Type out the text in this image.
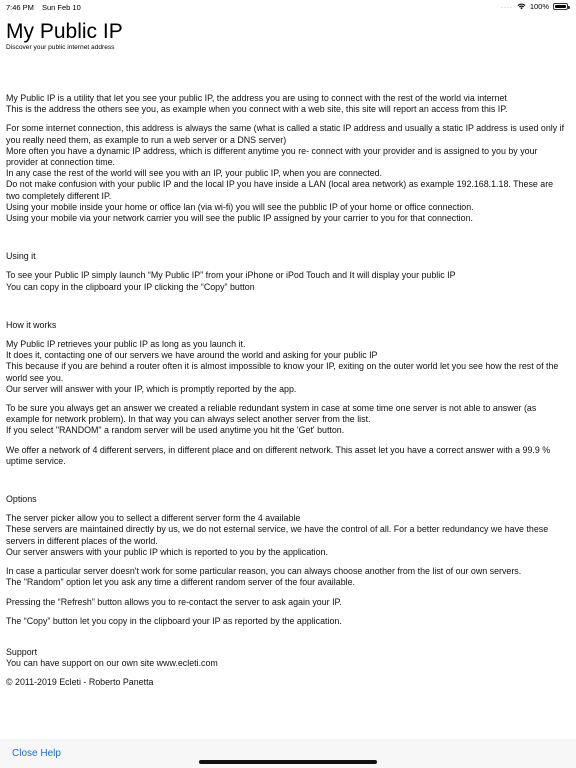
7:46 PM Sun Feb 10	.... 100%
My Public IP
Discover your public internet address

My Public IP is a utility that let you see your public IP, the address you are using to connect with the rest of the world via internet

This is the address the others see you, as example when you connect with a web site, this site will report an access from this IP.

For some internet connection, this address is always the same (what is called a static IP address and usually a static IP address is used only if you really need them, as example to run a web server or a DNS server)

More often you have a dynamic IP address, which is different anytime you re- connect with your provider and is assigned to you by your provider at connection time.

In any case the rest of the world will see you with an IP, your public IP, when you are connected.

Do not make confusion with your public IP and the local IP you have inside a LAN (local area network) as example 192.168.1.18. These are two completely different IP.

Using your mobile inside your home or office lan (via wi-fi) you will see the pubblic IP of your home or office connection.

Using your mobile via your network carrier you will see the public IP assigned by your carrier to you for that connection.

Using it

To see your Public IP simply launch “My Public IP” from your iPhone or iPod Touch and It will display your public IP

You can copy in the clipboard your IP clicking the “Copy” button

How it works

My Public IP retrieves your public IP as long as you launch it.

It does it, contacting one of our servers we have around the world and asking for your public IP

This because if you are behind a router often it is almost impossible to know your IP, exiting on the outer world let you see how the rest of the world see you.

Our server will answer with your IP, which is promptly reported by the app.

To be sure you always get an answer we created a reliable redundant system in case at some time one server is not able to answer (as example for network problem). In that way you can always select another server from the list.

If you select "RANDOM" a random server will be used anytime you hit the 'Get' button.

We offer a network of 4 different servers, in different place and on different network. This asset let you have a correct answer with a 99.9 % uptime service.

Options

The server picker allow you to sellect a different server form the 4 available

These servers are maintained directly by us, we do not esternal service, we have the control of all. For a better redundancy we have these servers in different places of the world.

Our server answers with your public IP which is reported to you by the application.

In case a particular server doesn't work for some particular reason, you can always choose another from the list of our own servers.

The "Random" option let you ask any time a different random server of the four available.

Pressing the “Refresh” button allows you to re-contact the server to ask again your IP.

The “Copy” button let you copy in the clipboard your IP as reported by the application.

Support

You can have support on our own site www.ecleti.com

© 2011-2019 Ecleti - Roberto Panetta

Close Help
